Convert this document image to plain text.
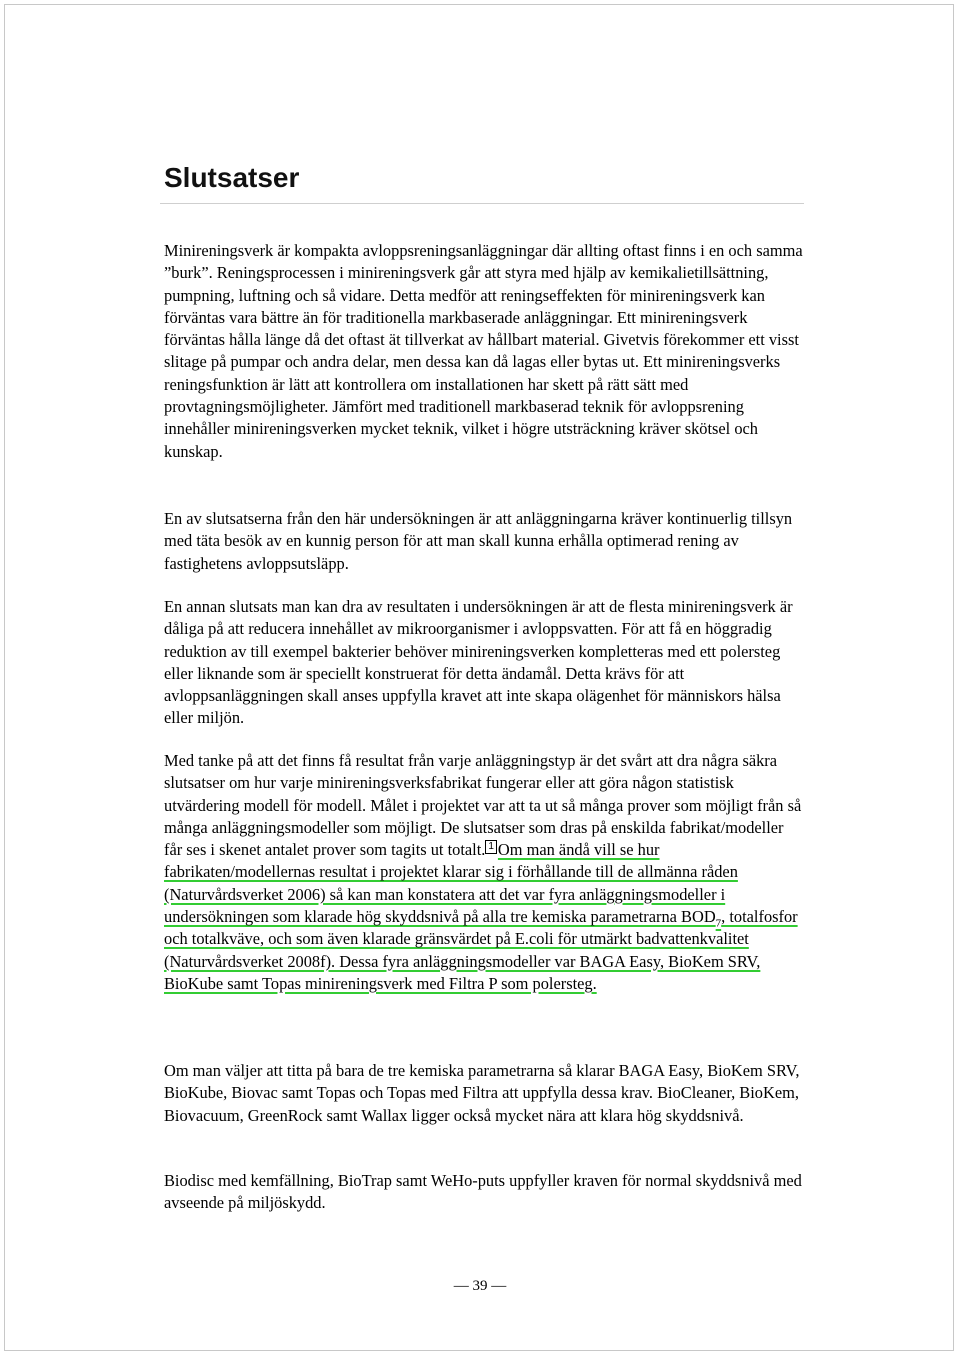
Slutsatser

Minireningsverk är kompakta avloppsreningsanläggningar där allting oftast finns i en och samma ”burk”. Reningsprocessen i minireningsverk går att styra med hjälp av kemikalietillsättning, pumpning, luftning och så vidare. Detta medför att reningseffekten för minireningsverk kan förväntas vara bättre än för traditionella markbaserade anläggningar. Ett minireningsverk förväntas hålla länge då det oftast ät tillverkat av hållbart material. Givetvis förekommer ett visst slitage på pumpar och andra delar, men dessa kan då lagas eller bytas ut. Ett minireningsverks reningsfunktion är lätt att kontrollera om installationen har skett på rätt sätt med provtagningsmöjligheter. Jämfört med traditionell markbaserad teknik för avloppsrening innehåller minireningsverken mycket teknik, vilket i högre utsträckning kräver skötsel och kunskap.

En av slutsatserna från den här undersökningen är att anläggningarna kräver kontinuerlig tillsyn med täta besök av en kunnig person för att man skall kunna erhålla optimerad rening av fastighetens avloppsutsläpp.

En annan slutsats man kan dra av resultaten i undersökningen är att de flesta minireningsverk är dåliga på att reducera innehållet av mikroorganismer i avloppsvatten. För att få en höggradig reduktion av till exempel bakterier behöver minireningsverken kompletteras med ett polersteg eller liknande som är speciellt konstruerat för detta ändamål. Detta krävs för att avloppsanläggningen skall anses uppfylla kravet att inte skapa olägenhet för människors hälsa eller miljön.

Med tanke på att det finns få resultat från varje anläggningstyp är det svårt att dra några säkra slutsatser om hur varje minireningsverksfabrikat fungerar eller att göra någon statistisk utvärdering modell för modell. Målet i projektet var att ta ut så många prover som möjligt från så många anläggningsmodeller som möjligt. De slutsatser som dras på enskilda fabrikat/modeller får ses i skenet antalet prover som tagits ut totalt. 1 Om man ändå vill se hur fabrikaten/modellernas resultat i projektet klarar sig i förhållande till de allmänna råden (Naturvårdsverket 2006) så kan man konstatera att det var fyra anläggningsmodeller i undersökningen som klarade hög skyddsnivå på alla tre kemiska parametrarna $BOD_7$, totalfosfor och totalkväve, och som även klarade gränsvärdet på E.coli för utmärkt badvattenkvalitet (Naturvårdsverket 2008f). Dessa fyra anläggningsmodeller var BAGA Easy, BioKem SRV, BioKube samt Topas minireningsverk med Filtra P som polersteg.

Om man väljer att titta på bara de tre kemiska parametrarna så klarar BAGA Easy, BioKem SRV, BioKube, Biovac samt Topas och Topas med Filtra att uppfylla dessa krav. BioCleaner, BioKem, Biovacuum, GreenRock samt Wallax ligger också mycket nära att klara hög skyddsnivå.

Biodisc med kemfällning, BioTrap samt WeHo-puts uppfyller kraven för normal skyddsnivå med avseende på miljöskydd.

— 39 —
